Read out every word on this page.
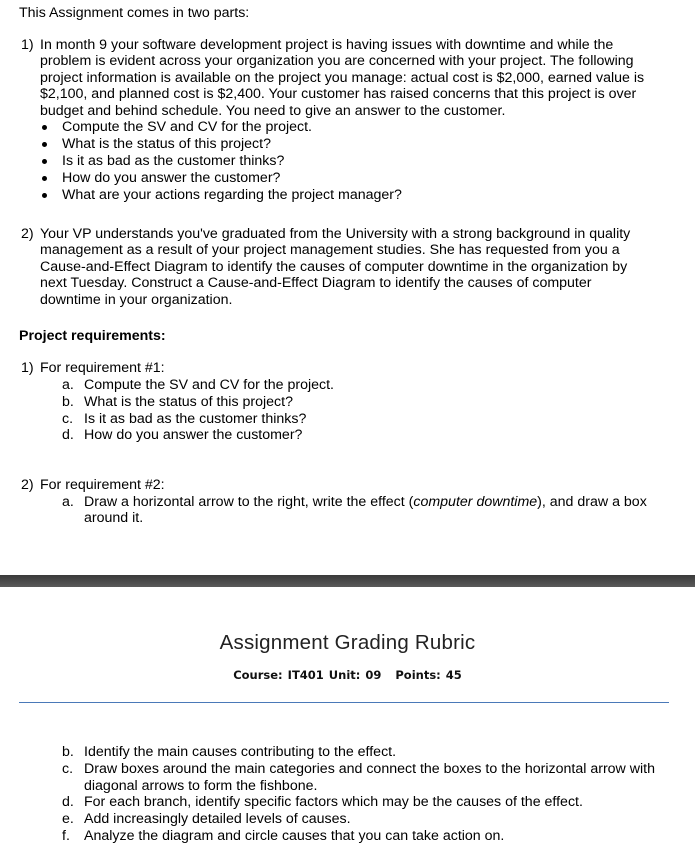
This Assignment comes in two parts:

1) In month 9 your software development project is having issues with downtime and while the

problem is evident across your organization you are concerned with your project. The following

project information is available on the project you manage: actual cost is $2,000, earned value is

$2,100, and planned cost is $2,400. Your customer has raised concerns that this project is over

budget and behind schedule. You need to give an answer to the customer.

Compute the SV and CV for the project.

What is the status of this project?

Is it as bad as the customer thinks?

How do you answer the customer?

What are your actions regarding the project manager?

2) Your VP understands you've graduated from the University with a strong background in quality

management as a result of your project management studies. She has requested from you a

Cause-and-Effect Diagram to identify the causes of computer downtime in the organization by

next Tuesday. Construct a Cause-and-Effect Diagram to identify the causes of computer

downtime in your organization.

Project requirements:

1) For requirement #1:

a. Compute the SV and CV for the project.

b. What is the status of this project?

c. Is it as bad as the customer thinks?

d. How do you answer the customer?

2) For requirement #2:

a. Draw a horizontal arrow to the right, write the effect (computer downtime), and draw a box

around it.

Assignment Grading Rubric
Course: IT401 Unit: 09 Points: 45

b. Identify the main causes contributing to the effect.

c. Draw boxes around the main categories and connect the boxes to the horizontal arrow with

diagonal arrows to form the fishbone.

d. For each branch, identify specific factors which may be the causes of the effect.

e. Add increasingly detailed levels of causes.

f. Analyze the diagram and circle causes that you can take action on.
